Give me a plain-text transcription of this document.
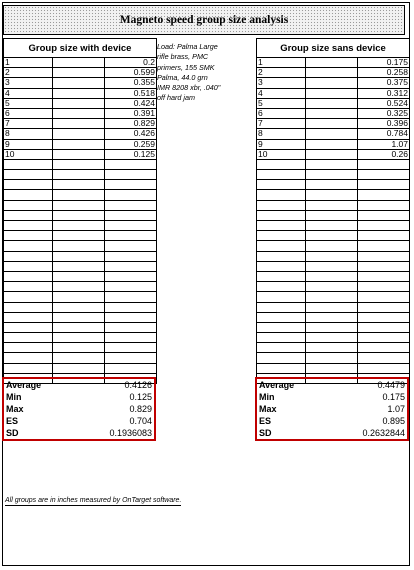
Magneto speed group size analysis
Group size with device
1	0.2
2	0.599
3	0.355
4	0.518
5	0.424
6	0.391
7	0.829
8	0.426
9	0.259
10	0.125
Group size sans device
1	0.175
2	0.258
3	0.375
4	0.312
5	0.524
6	0.325
7	0.396
8	0.784
9	1.07
10	0.26
Load: Palma Large
rifle brass, PMC
primers, 155 SMK
Palma, 44.0 grn
IMR 8208 xbr, .040"
off hard jam
Average	0.4126
Min	0.125
Max	0.829
ES	0.704
SD	0.1936083
Average	0.4479
Min	0.175
Max	1.07
ES	0.895
SD	0.2632844
All groups are in inches measured by OnTarget software.
